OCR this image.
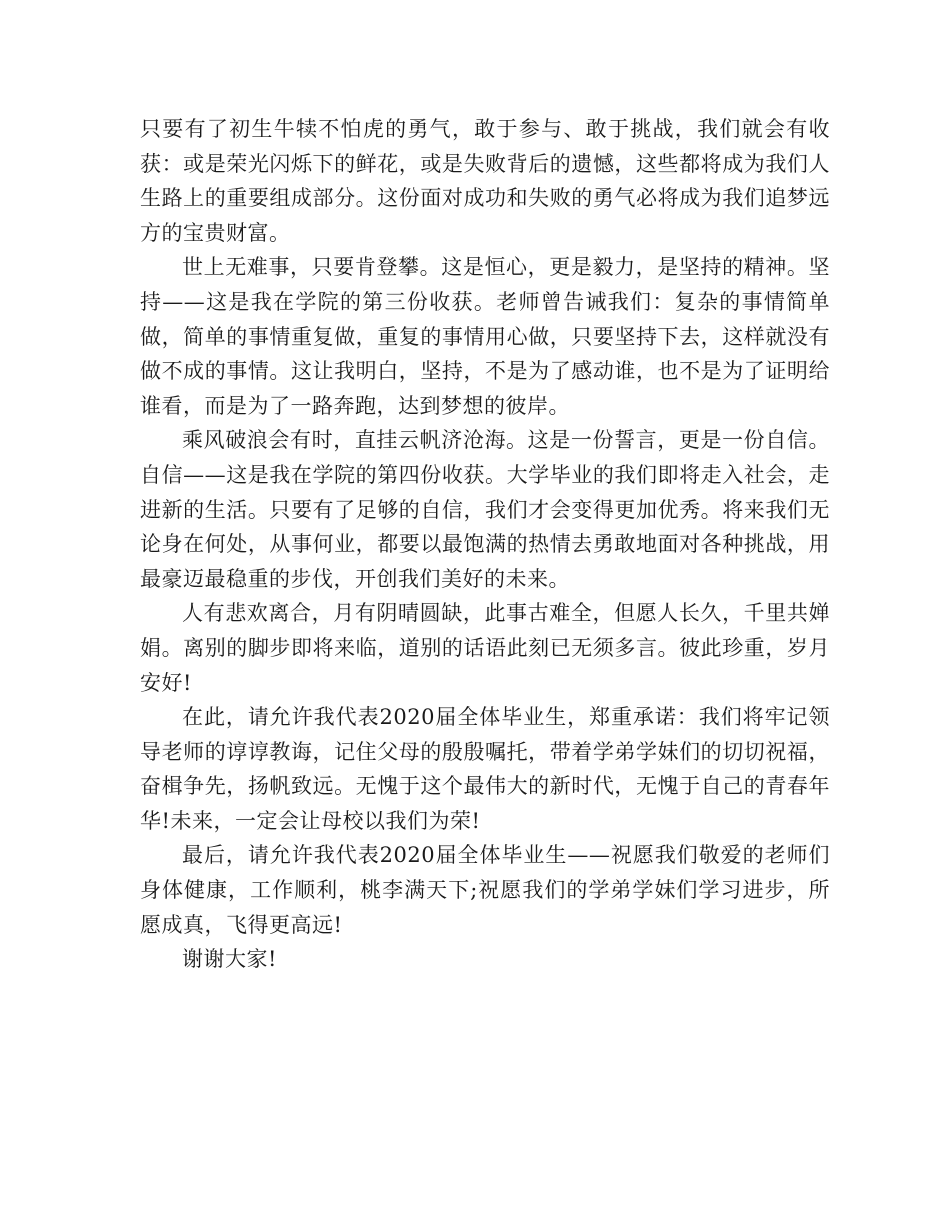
只要有了初生牛犊不怕虎的勇气，敢于参与、敢于挑战，我们就会有收获：或是荣光闪烁下的鲜花，或是失败背后的遗憾，这些都将成为我们人生路上的重要组成部分。这份面对成功和失败的勇气必将成为我们追梦远方的宝贵财富。

世上无难事，只要肯登攀。这是恒心，更是毅力，是坚持的精神。坚持——这是我在学院的第三份收获。老师曾告诫我们：复杂的事情简单做，简单的事情重复做，重复的事情用心做，只要坚持下去，这样就没有做不成的事情。这让我明白，坚持，不是为了感动谁，也不是为了证明给谁看，而是为了一路奔跑，达到梦想的彼岸。

乘风破浪会有时，直挂云帆济沧海。这是一份誓言，更是一份自信。自信——这是我在学院的第四份收获。大学毕业的我们即将走入社会，走进新的生活。只要有了足够的自信，我们才会变得更加优秀。将来我们无论身在何处，从事何业，都要以最饱满的热情去勇敢地面对各种挑战，用最豪迈最稳重的步伐，开创我们美好的未来。

人有悲欢离合，月有阴晴圆缺，此事古难全，但愿人长久，千里共婵娟。离别的脚步即将来临，道别的话语此刻已无须多言。彼此珍重，岁月安好!

在此，请允许我代表2020届全体毕业生，郑重承诺：我们将牢记领导老师的谆谆教诲，记住父母的殷殷嘱托，带着学弟学妹们的切切祝福，奋楫争先，扬帆致远。无愧于这个最伟大的新时代，无愧于自己的青春年华!未来，一定会让母校以我们为荣!

最后，请允许我代表2020届全体毕业生——祝愿我们敬爱的老师们身体健康，工作顺利，桃李满天下;祝愿我们的学弟学妹们学习进步，所愿成真，飞得更高远!

谢谢大家!
